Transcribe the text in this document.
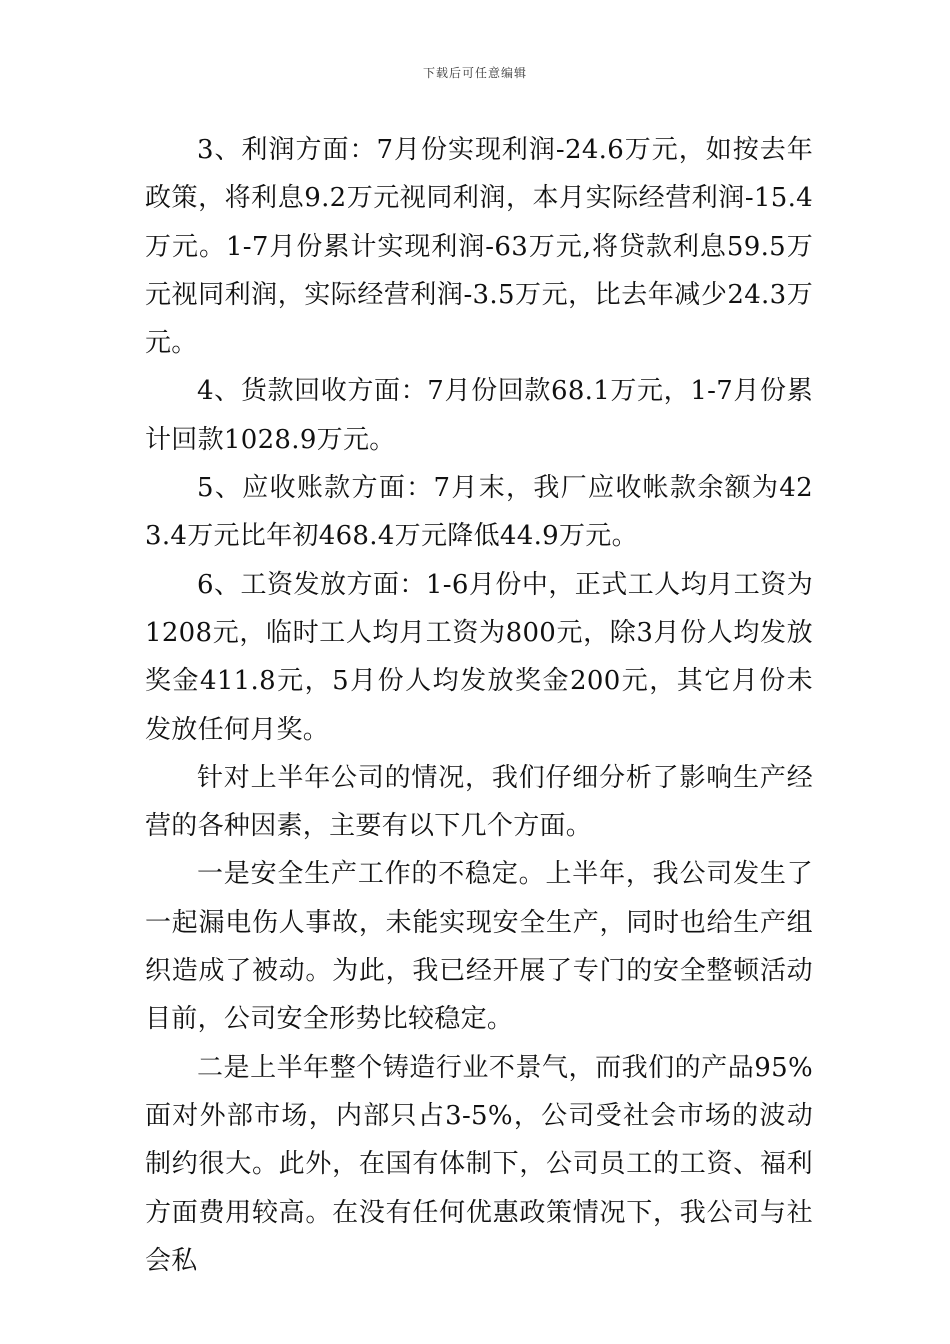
下载后可任意编辑

3、利润方面：7月份实现利润-24.6万元，如按去年政策，将利息9.2万元视同利润，本月实际经营利润-15.4万元。1-7月份累计实现利润-63万元,将贷款利息59.5万元视同利润，实际经营利润-3.5万元，比去年减少24.3万元。

4、货款回收方面：7月份回款68.1万元，1-7月份累计回款1028.9万元。

5、应收账款方面：7月末，我厂应收帐款余额为423.4万元比年初468.4万元降低44.9万元。

6、工资发放方面：1-6月份中，正式工人均月工资为1208元，临时工人均月工资为800元，除3月份人均发放奖金411.8元，5月份人均发放奖金200元，其它月份未发放任何月奖。

针对上半年公司的情况，我们仔细分析了影响生产经营的各种因素，主要有以下几个方面。

一是安全生产工作的不稳定。上半年，我公司发生了一起漏电伤人事故，未能实现安全生产，同时也给生产组织造成了被动。为此，我已经开展了专门的安全整顿活动目前，公司安全形势比较稳定。

二是上半年整个铸造行业不景气，而我们的产品95%面对外部市场，内部只占3-5%，公司受社会市场的波动制约很大。此外，在国有体制下，公司员工的工资、福利方面费用较高。在没有任何优惠政策情况下，我公司与社会私
